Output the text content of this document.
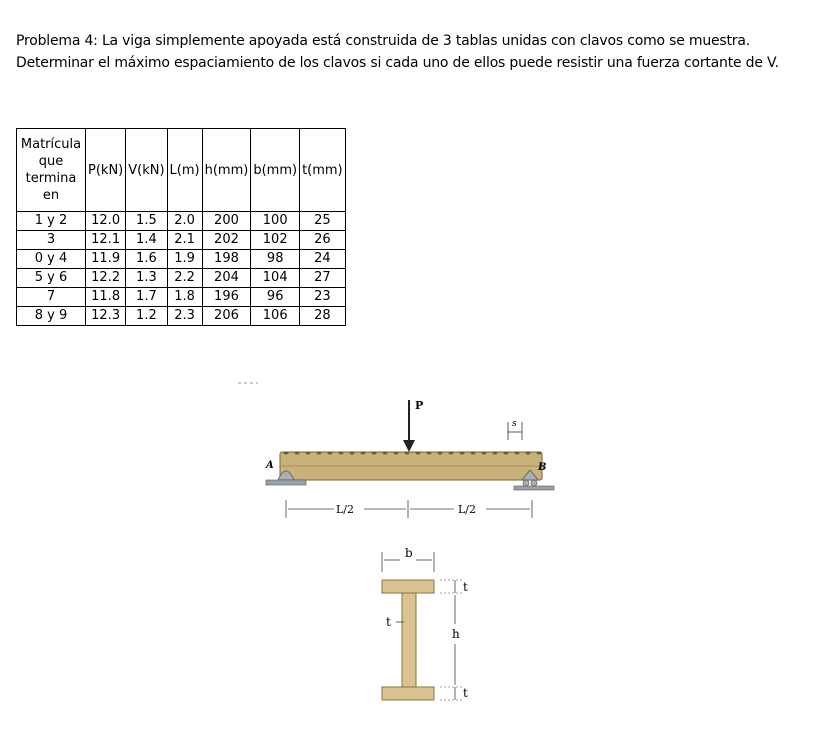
Problema 4: La viga simplemente apoyada está construida de 3 tablas unidas con clavos como se muestra.

Determinar el máximo espaciamiento de los clavos si cada uno de ellos puede resistir una fuerza cortante de V.

Matrícula que termina en	P(kN)	V(kN)	L(m)	h(mm)	b(mm)	t(mm)
1 y 2	12.0	1.5	2.0	200	100	25
3	12.1	1.4	2.1	202	102	26
0 y 4	11.9	1.6	1.9	198	98	24
5 y 6	12.2	1.3	2.2	204	104	27
7	11.8	1.7	1.8	196	96	23
8 y 9	12.3	1.2	2.3	206	106	28
P
s
A	B
L/2	L/2
b
t
t
h
t
